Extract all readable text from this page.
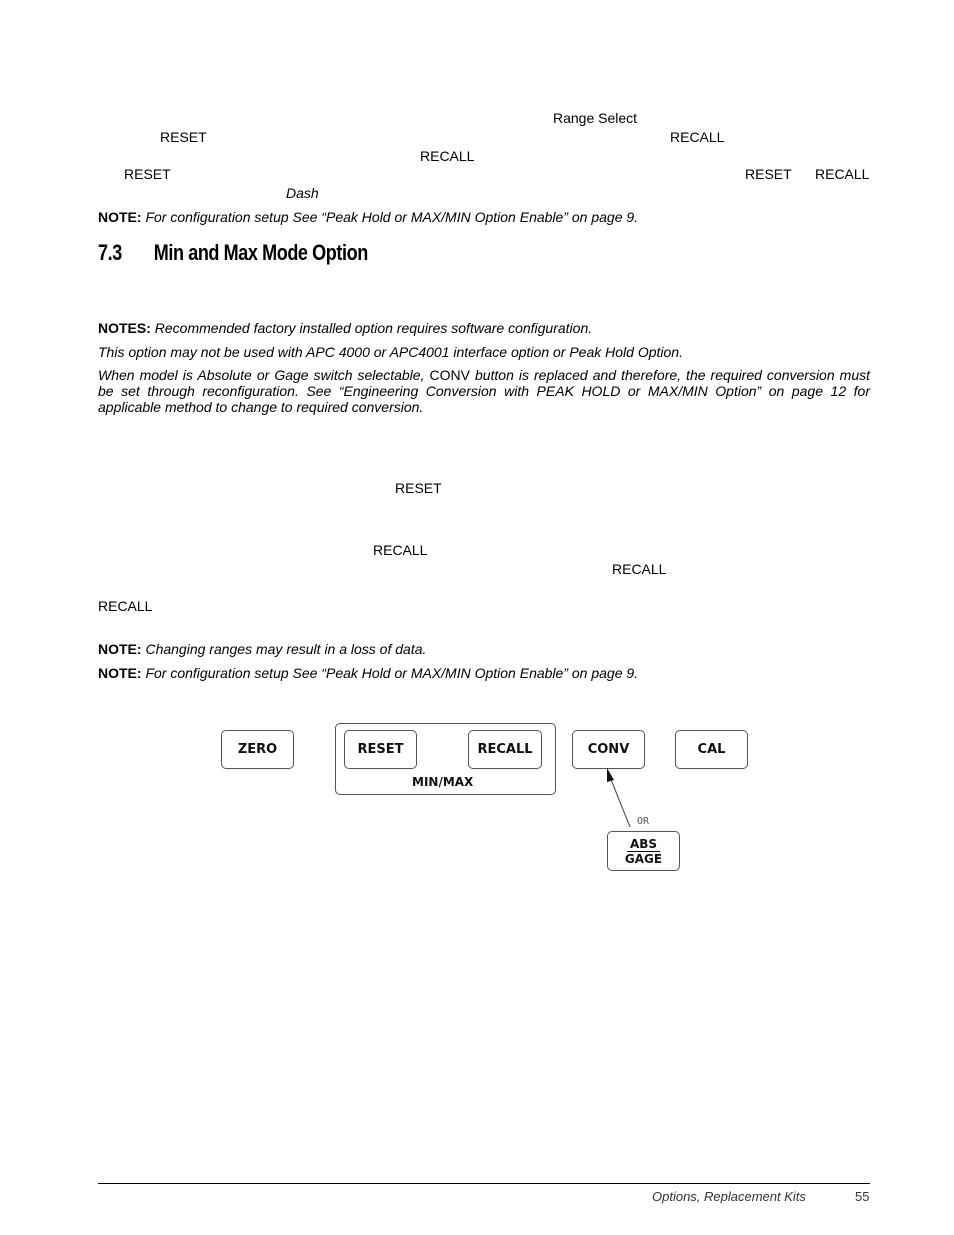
Range Select
RESET	RECALL
RECALL
RESET	RESET RECALL
Dash
NOTE: For configuration setup See “Peak Hold or MAX/MIN Option Enable” on page 9.
7.3 Min and Max Mode Option
NOTES: Recommended factory installed option requires software configuration.
This option may not be used with APC 4000 or APC4001 interface option or Peak Hold Option.
When model is Absolute or Gage switch selectable, CONV button is replaced and therefore, the required conversion must be set through reconfiguration. See “Engineering Conversion with PEAK HOLD or MAX/MIN Option” on page 12 for applicable method to change to required conversion.
RESET
RECALL
RECALL
RECALL
NOTE: Changing ranges may result in a loss of data.
NOTE: For configuration setup See “Peak Hold or MAX/MIN Option Enable” on page 9.
ZERO	RESET	RECALL
MIN/MAX
CONV	CAL
OR
ABS
GAGE
Options, Replacement Kits	55
